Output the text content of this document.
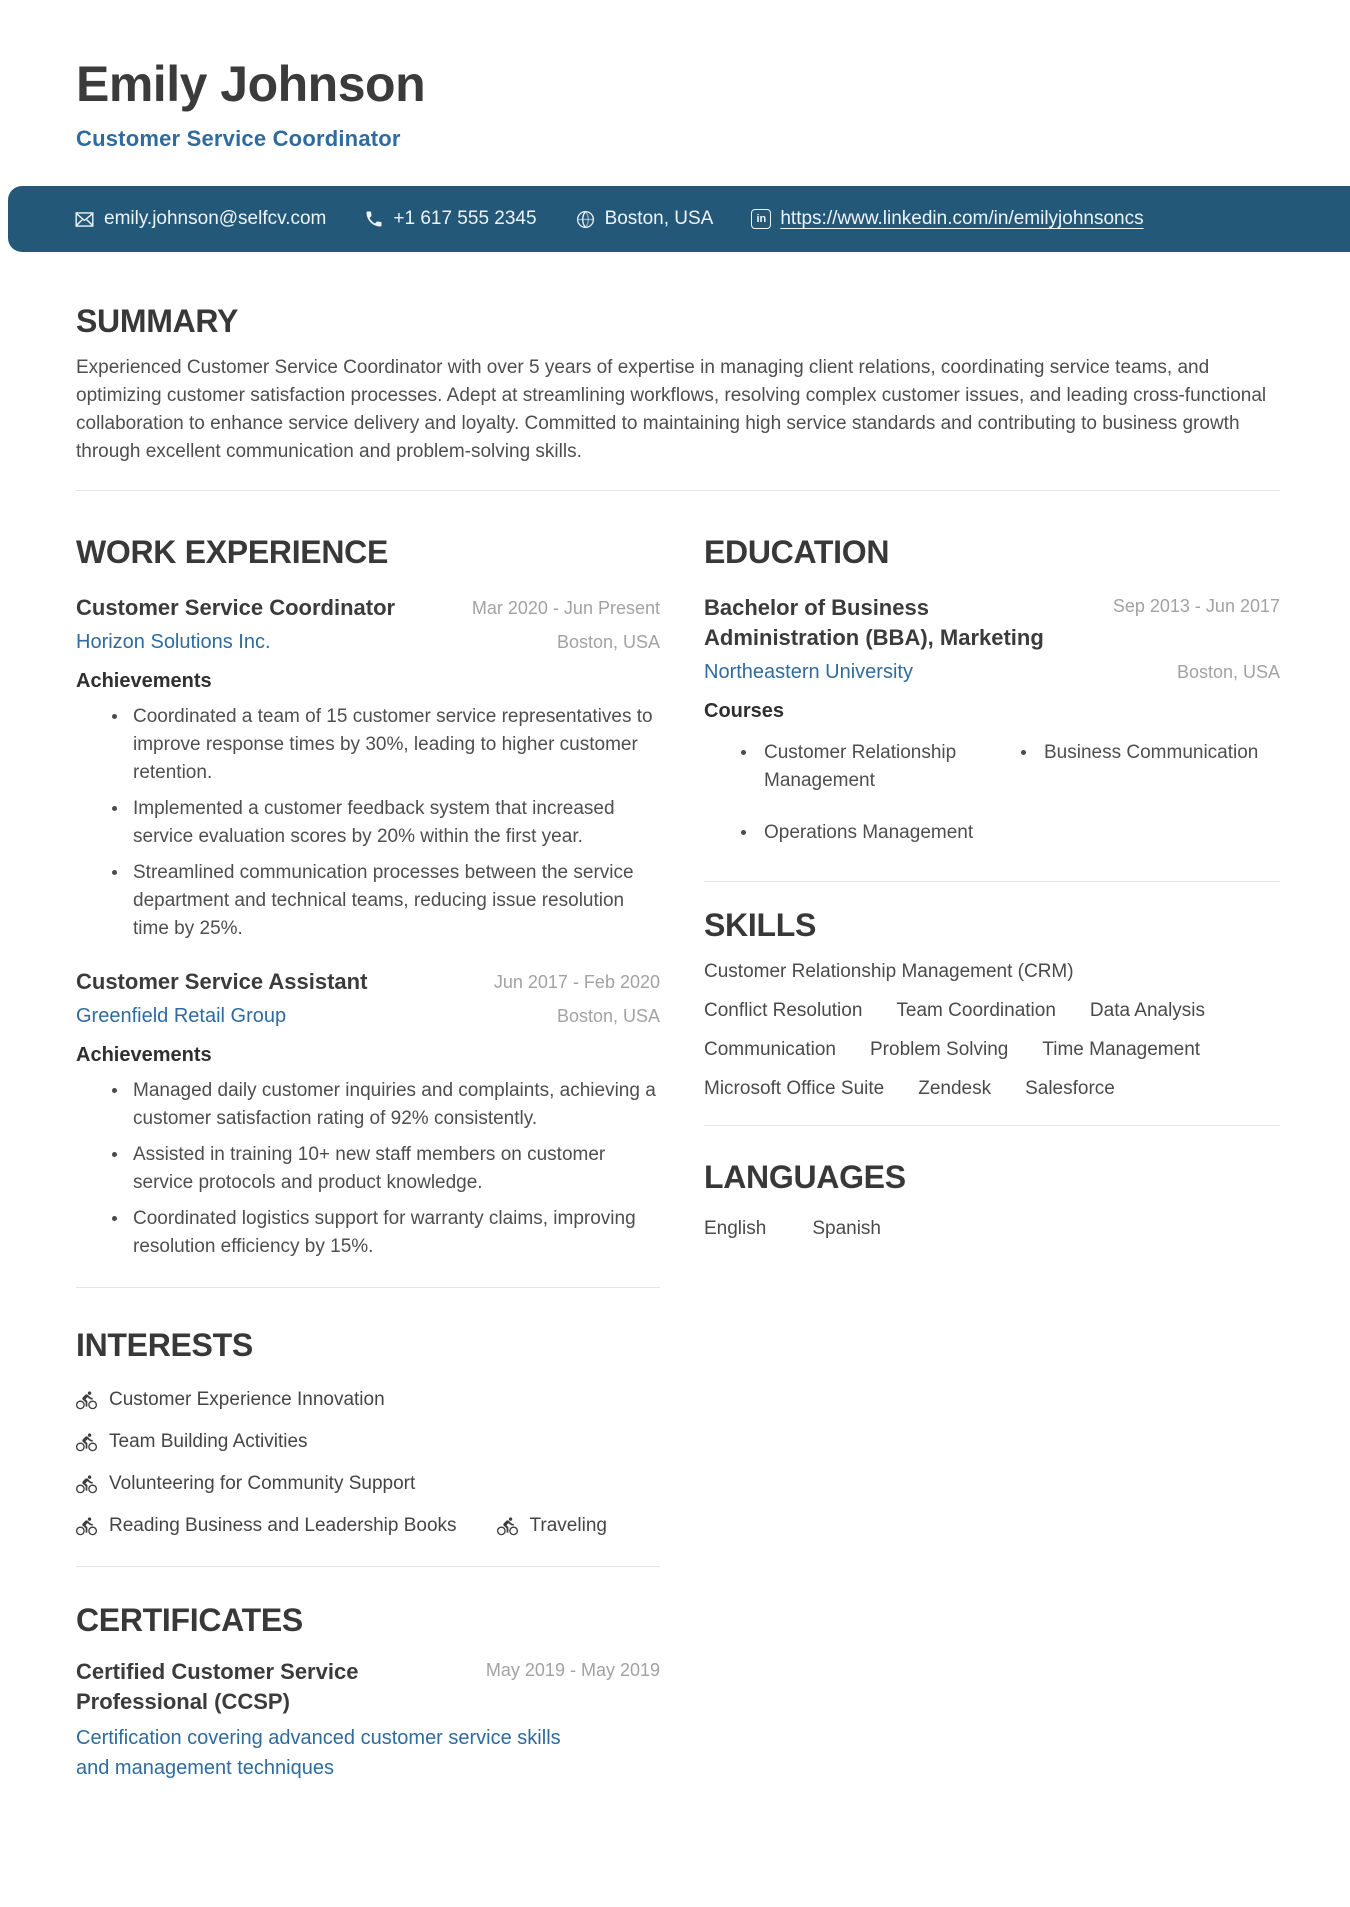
Emily Johnson
Customer Service Coordinator
emily.johnson@selfcv.com	+1 617 555 2345	Boston, USA	in https://www.linkedin.com/in/emilyjohnsoncs
SUMMARY

Experienced Customer Service Coordinator with over 5 years of expertise in managing client relations, coordinating service teams, and optimizing customer satisfaction processes. Adept at streamlining workflows, resolving complex customer issues, and leading cross-functional collaboration to enhance service delivery and loyalty. Committed to maintaining high service standards and contributing to business growth through excellent communication and problem-solving skills.

WORK EXPERIENCE
Customer Service Coordinator	Mar 2020 - Jun Present
Horizon Solutions Inc.	Boston, USA
Achievements
Coordinated a team of 15 customer service representatives to improve response times by 30%, leading to higher customer retention.
Implemented a customer feedback system that increased service evaluation scores by 20% within the first year.
Streamlined communication processes between the service department and technical teams, reducing issue resolution time by 25%.
Customer Service Assistant	Jun 2017 - Feb 2020
Greenfield Retail Group	Boston, USA
Achievements
Managed daily customer inquiries and complaints, achieving a customer satisfaction rating of 92% consistently.
Assisted in training 10+ new staff members on customer service protocols and product knowledge.
Coordinated logistics support for warranty claims, improving resolution efficiency by 15%.
INTERESTS
Customer Experience Innovation
Team Building Activities
Volunteering for Community Support
Reading Business and Leadership Books	Traveling
CERTIFICATES
Certified Customer Service Professional (CCSP)
May 2019 - May 2019
Certification covering advanced customer service skills and management techniques
EDUCATION
Bachelor of Business Administration (BBA), Marketing
Sep 2013 - Jun 2017
Northeastern University	Boston, USA
Courses
Customer Relationship Management
Business Communication
Operations Management
SKILLS
Customer Relationship Management (CRM)
Conflict Resolution Team Coordination Data Analysis
Communication Problem Solving Time Management
Microsoft Office Suite Zendesk Salesforce
LANGUAGES
English Spanish
